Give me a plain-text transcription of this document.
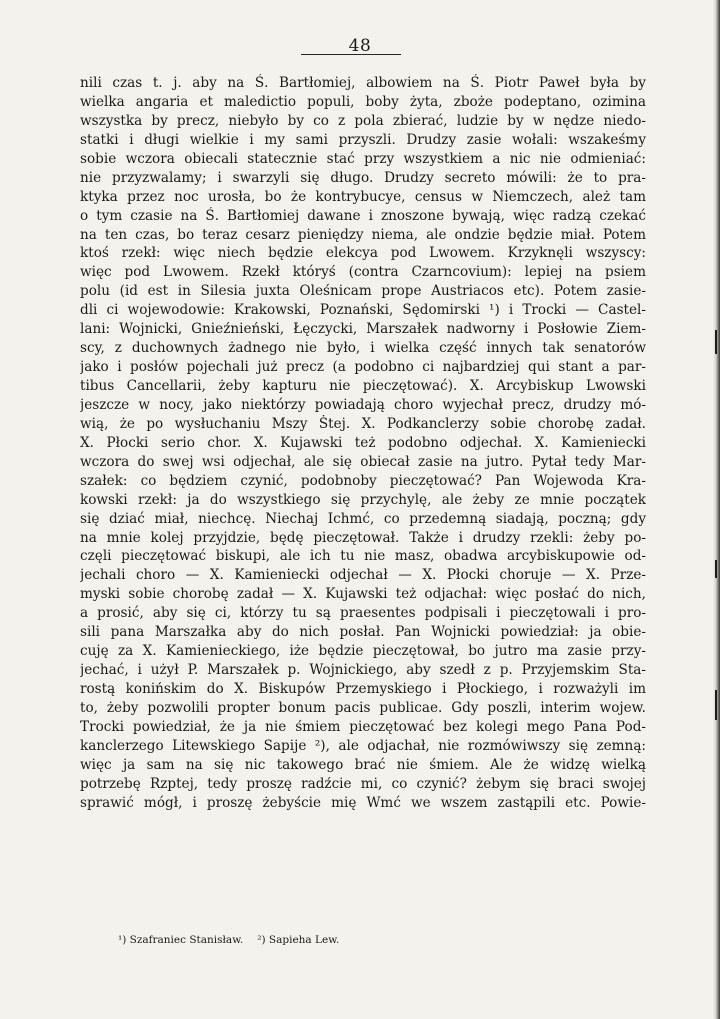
48
nili czas t. j. aby na Ś. Bartłomiej, albowiem na Ś. Piotr Paweł była by
wielka angaria et maledictio populi, boby żyta, zboże podeptano, ozimina
wszystka by precz, niebyło by co z pola zbierać, ludzie by w nędze niedo-
statki i długi wielkie i my sami przyszli. Drudzy zasie wołali: wszakeśmy
sobie wczora obiecali statecznie stać przy wszystkiem a nic nie odmieniać:
nie przyzwalamy; i swarzyli się długo. Drudzy secreto mówili: że to pra-
ktyka przez noc urosła, bo że kontrybucye, census w Niemczech, ależ tam
o tym czasie na Ś. Bartłomiej dawane i znoszone bywają, więc radzą czekać
na ten czas, bo teraz cesarz pieniędzy niema, ale ondzie będzie miał. Potem
ktoś rzekł: więc niech będzie elekcya pod Lwowem. Krzyknęli wszyscy:
więc pod Lwowem. Rzekł któryś (contra Czarncovium): lepiej na psiem
polu (id est in Silesia juxta Oleśnicam prope Austriacos etc). Potem zasie-
dli ci wojewodowie: Krakowski, Poznański, Sędomirski ¹) i Trocki — Castel-
lani: Wojnicki, Gnieźnieński, Łęczycki, Marszałek nadworny i Posłowie Ziem-
scy, z duchownych żadnego nie było, i wielka część innych tak senatorów
jako i posłów pojechali już precz (a podobno ci najbardziej qui stant a par-
tibus Cancellarii, żeby kapturu nie pieczętować). X. Arcybiskup Lwowski
jeszcze w nocy, jako niektórzy powiadają choro wyjechał precz, drudzy mó-
wią, że po wysłuchaniu Mszy Ṡtej. X. Podkanclerzy sobie chorobę zadał.
X. Płocki serio chor. X. Kujawski też podobno odjechał. X. Kamieniecki
wczora do swej wsi odjechał, ale się obiecał zasie na jutro. Pytał tedy Mar-
szałek: co będziem czynić, podobnoby pieczętować? Pan Wojewoda Kra-
kowski rzekł: ja do wszystkiego się przychylę, ale żeby ze mnie początek
się dziać miał, niechcę. Niechaj Ichmć, co przedemną siadają, poczną; gdy
na mnie kolej przyjdzie, będę pieczętował. Także i drudzy rzekli: żeby po-
częli pieczętować biskupi, ale ich tu nie masz, obadwa arcybiskupowie od-
jechali choro — X. Kamieniecki odjechał — X. Płocki choruje — X. Prze-
myski sobie chorobę zadał — X. Kujawski też odjachał: więc posłać do nich,
a prosić, aby się ci, którzy tu są praesentes podpisali i pieczętowali i pro-
sili pana Marszałka aby do nich posłał. Pan Wojnicki powiedział: ja obie-
cuję za X. Kamienieckiego, iże będzie pieczętował, bo jutro ma zasie przy-
jechać, i użył P. Marszałek p. Wojnickiego, aby szedł z p. Przyjemskim Sta-
rostą konińskim do X. Biskupów Przemyskiego i Płockiego, i rozważyli im
to, żeby pozwolili propter bonum pacis publicae. Gdy poszli, interim wojew.
Trocki powiedział, że ja nie śmiem pieczętować bez kolegi mego Pana Pod-
kanclerzego Litewskiego Sapije ²), ale odjachał, nie rozmówiwszy się zemną:
więc ja sam na się nic takowego brać nie śmiem. Ale że widzę wielką
potrzebę Rzptej, tedy proszę radźcie mi, co czynić? żebym się braci swojej
sprawić mógł, i proszę żebyście mię Wmć we wszem zastąpili etc. Powie-
¹) Szafraniec Stanisław. ²) Sapieha Lew.
